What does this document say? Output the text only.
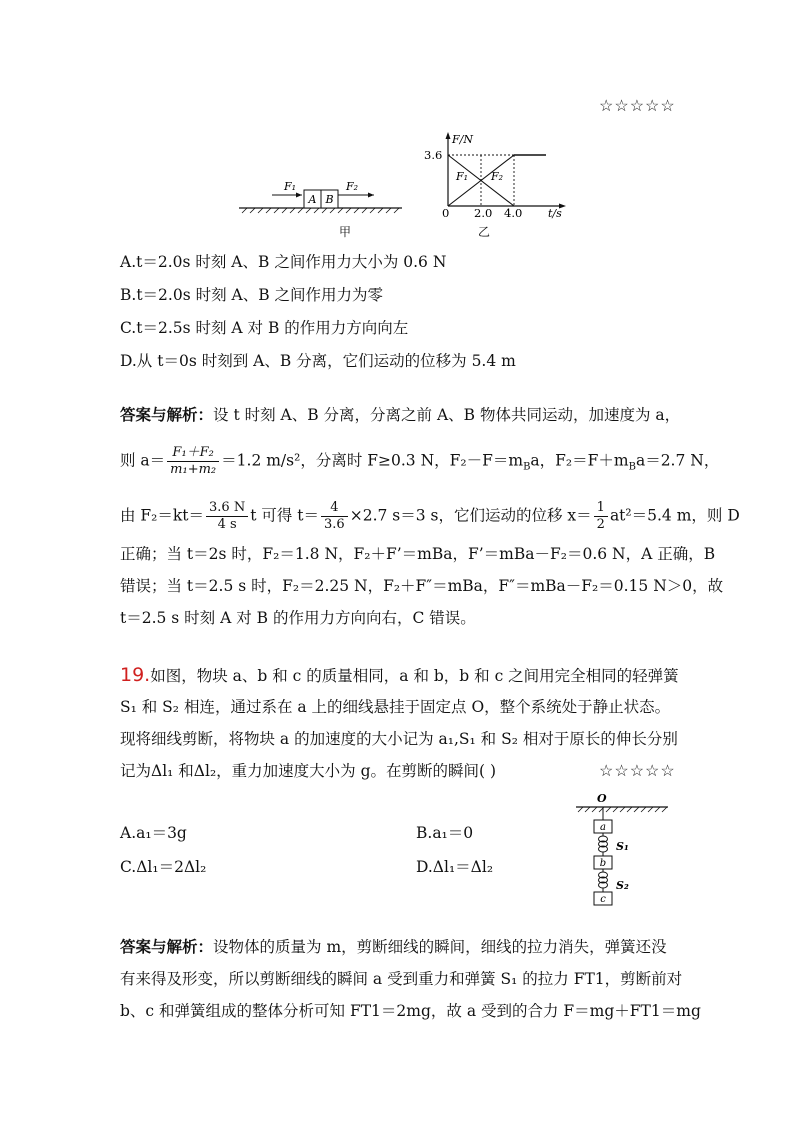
☆☆☆☆☆
A B
F₁	F₂
甲
F/N
3.6
0 2.0 4.0 t/s
F₁ F₂
乙
A.t＝2.0s 时刻 A、B 之间作用力大小为 0.6 N
B.t＝2.0s 时刻 A、B 之间作用力为零
C.t＝2.5s 时刻 A 对 B 的作用力方向向左
D.从 t＝0s 时刻到 A、B 分离，它们运动的位移为 5.4 m
答案与解析：设 t 时刻 A、B 分离，分离之前 A、B 物体共同运动，加速度为 a，
则 $a= \frac{\text{F₁＋F₂}}{\text{m₁+m₂}} =1.2$ m/s²，分离时 F≥0.3 N，$F_2-F=m_Ba$，$F_2=F+m_Ba=2.7$ N，
由 $F_2=kt= \frac{3.6 N}{4 s}$ t 可得 $t= \frac{4}{3.6} \times 2.7$ s＝3 s，它们运动的位移 $x= \frac{1}{2} at^2=5.4$ m，则 D
正确；当 t＝2s 时，F₂＝1.8 N，F₂＋F’＝mBa，F’＝mBa－F₂＝0.6 N，A 正确，B
错误；当 t＝2.5 s 时，F₂＝2.25 N，F₂＋F″＝mBa，F″＝mBa－F₂＝0.15 N＞0，故
t＝2.5 s 时刻 A 对 B 的作用力方向向右，C 错误。
19.如图，物块 a、b 和 c 的质量相同，a 和 b，b 和 c 之间用完全相同的轻弹簧
S₁ 和 S₂ 相连，通过系在 a 上的细线悬挂于固定点 O，整个系统处于静止状态。
现将细线剪断，将物块 a 的加速度的大小记为 a₁,S₁ 和 S₂ 相对于原长的伸长分别
记为Δl₁ 和Δl₂，重力加速度大小为 g。在剪断的瞬间( )	☆☆☆☆☆
A.a₁＝3g	B.a₁＝0
C.Δl₁＝2Δl₂	D.Δl₁＝Δl₂
O
a
S₁
b
S₂
c
答案与解析：设物体的质量为 m，剪断细线的瞬间，细线的拉力消失，弹簧还没
有来得及形变，所以剪断细线的瞬间 a 受到重力和弹簧 S₁ 的拉力 FT1，剪断前对
b、c 和弹簧组成的整体分析可知 FT1＝2mg，故 a 受到的合力 F＝mg＋FT1＝mg
